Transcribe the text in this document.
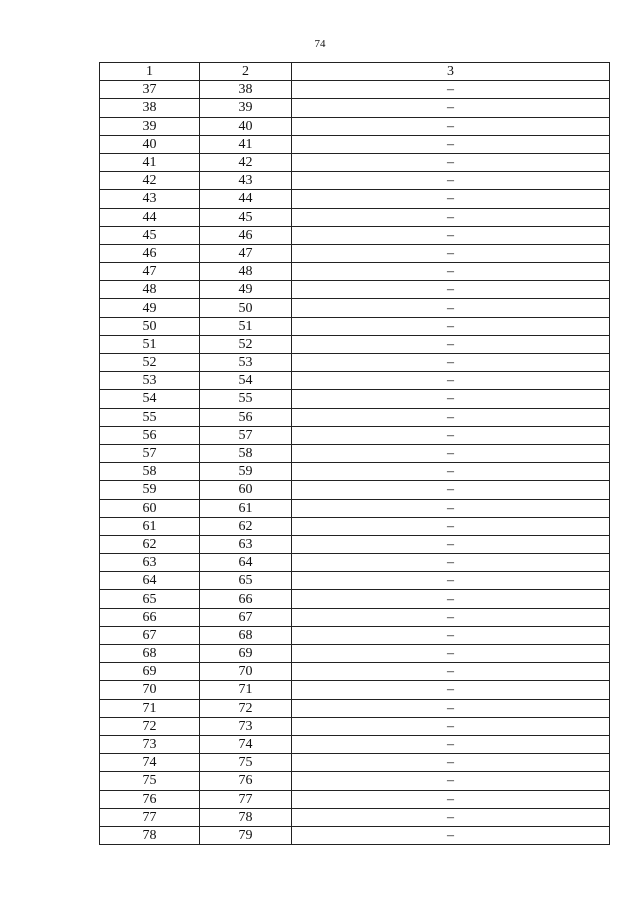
74
1	2	3
37	38	–
38	39	–
39	40	–
40	41	–
41	42	–
42	43	–
43	44	–
44	45	–
45	46	–
46	47	–
47	48	–
48	49	–
49	50	–
50	51	–
51	52	–
52	53	–
53	54	–
54	55	–
55	56	–
56	57	–
57	58	–
58	59	–
59	60	–
60	61	–
61	62	–
62	63	–
63	64	–
64	65	–
65	66	–
66	67	–
67	68	–
68	69	–
69	70	–
70	71	–
71	72	–
72	73	–
73	74	–
74	75	–
75	76	–
76	77	–
77	78	–
78	79	–
